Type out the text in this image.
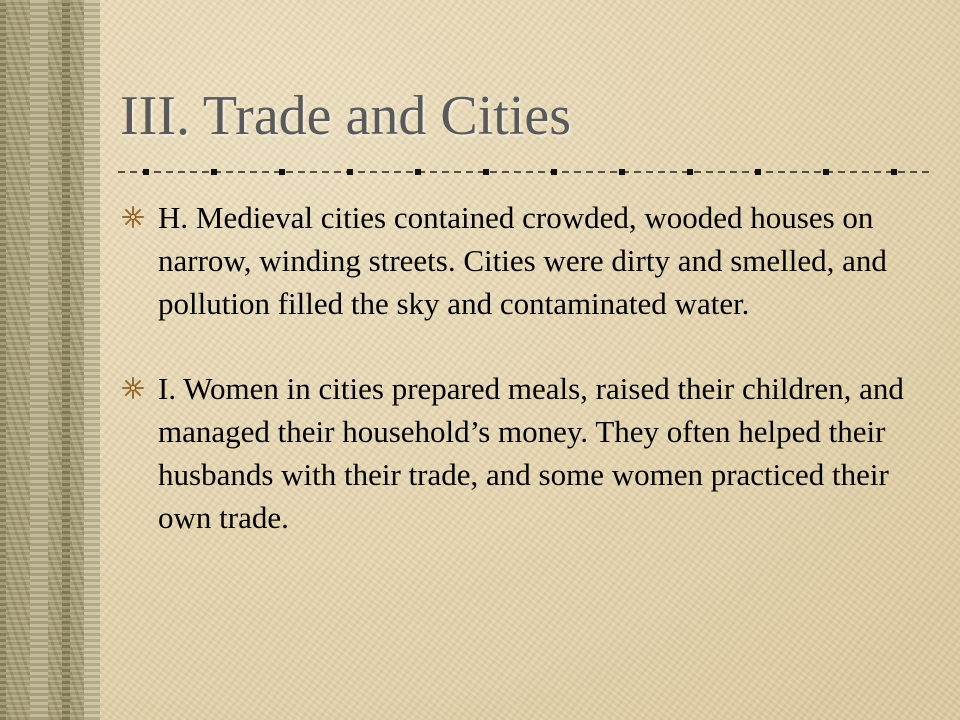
III. Trade and Cities
H. Medieval cities contained crowded, wooded houses on narrow, winding streets. Cities were dirty and smelled, and pollution filled the sky and contaminated water.
I. Women in cities prepared meals, raised their children, and managed their household’s money. They often helped their husbands with their trade, and some women practiced their own trade.
